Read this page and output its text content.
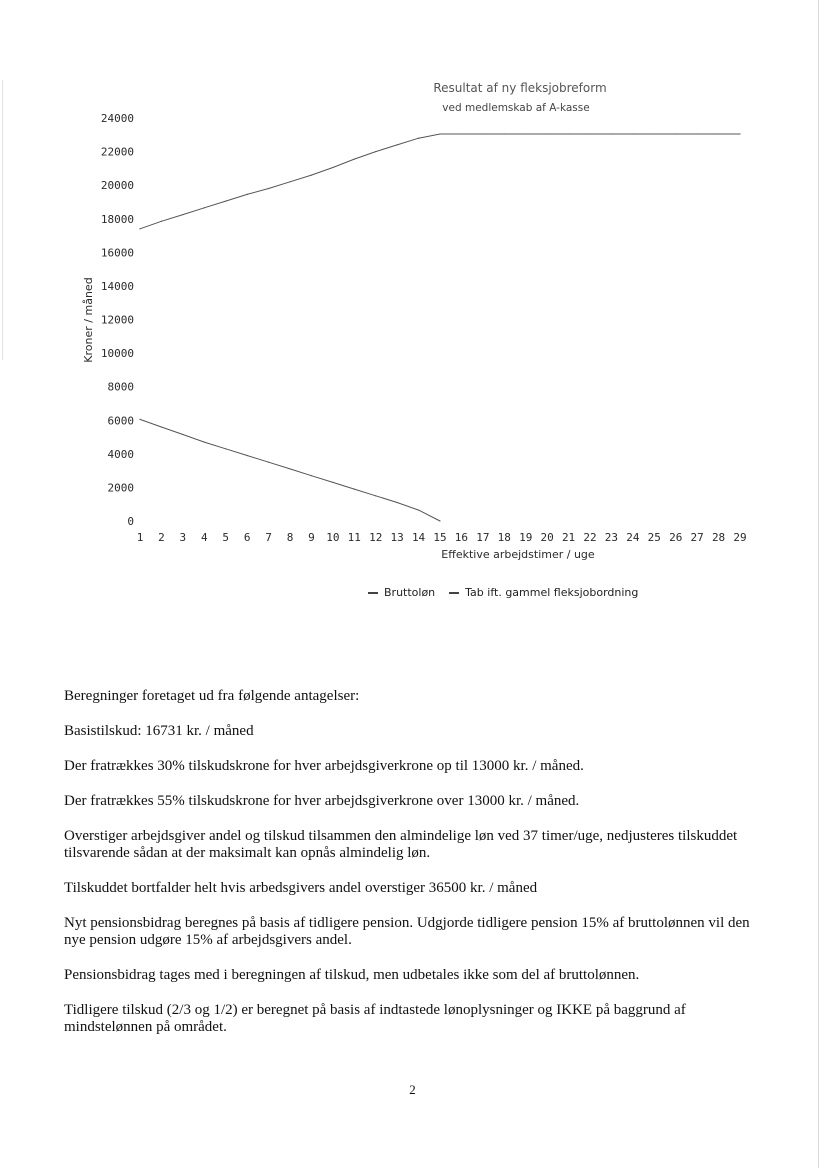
Resultat af ny fleksjobreform
ved medlemskab af A-kasse
Kroner / måned
Effektive arbejdstimer / uge
0
2000
4000
6000
8000
10000
12000
14000
16000
18000
20000
22000
24000
1 2 3 4 5 6 7 8 9 10 11 12 13 14 15 16 17 18 19 20 21 22 23 24 25 26 27 28 29
Bruttoløn	Tab ift. gammel fleksjobordning

Beregninger foretaget ud fra følgende antagelser:

Basistilskud: 16731 kr. / måned

Der fratrækkes 30% tilskudskrone for hver arbejdsgiverkrone op til 13000 kr. / måned.

Der fratrækkes 55% tilskudskrone for hver arbejdsgiverkrone over 13000 kr. / måned.

Overstiger arbejdsgiver andel og tilskud tilsammen den almindelige løn ved 37 timer/uge, nedjusteres tilskuddet tilsvarende sådan at der maksimalt kan opnås almindelig løn.

Tilskuddet bortfalder helt hvis arbedsgivers andel overstiger 36500 kr. / måned

Nyt pensionsbidrag beregnes på basis af tidligere pension. Udgjorde tidligere pension 15% af bruttolønnen vil den nye pension udgøre 15% af arbejdsgivers andel.

Pensionsbidrag tages med i beregningen af tilskud, men udbetales ikke som del af bruttolønnen.

Tidligere tilskud (2/3 og 1/2) er beregnet på basis af indtastede lønoplysninger og IKKE på baggrund af mindstelønnen på området.

2
